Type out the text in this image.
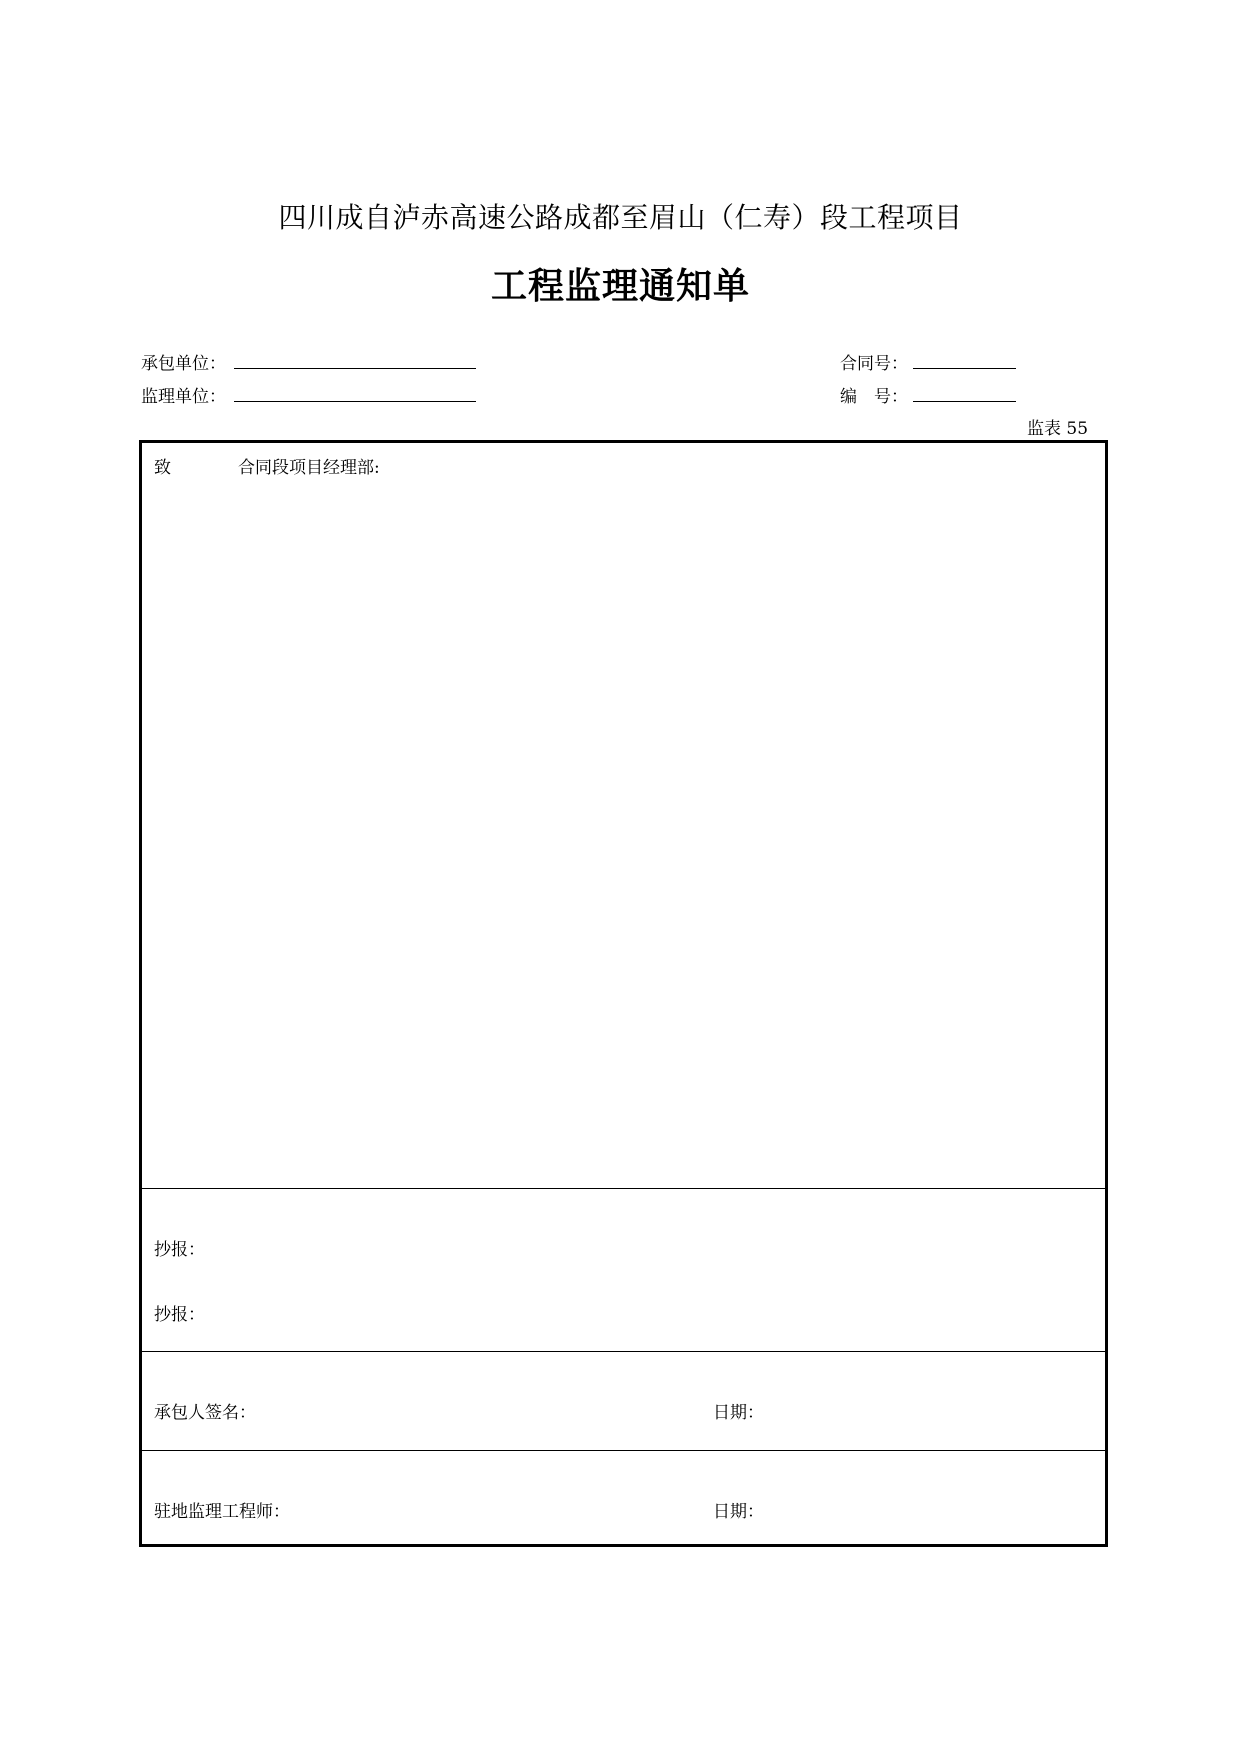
四川成自泸赤高速公路成都至眉山（仁寿）段工程项目
工程监理通知单
承包单位：
监理单位：
合同号：
编　号：
监表 55
致	合同段项目经理部:
抄报：
抄报：
承包人签名：	日期：
驻地监理工程师：	日期：
